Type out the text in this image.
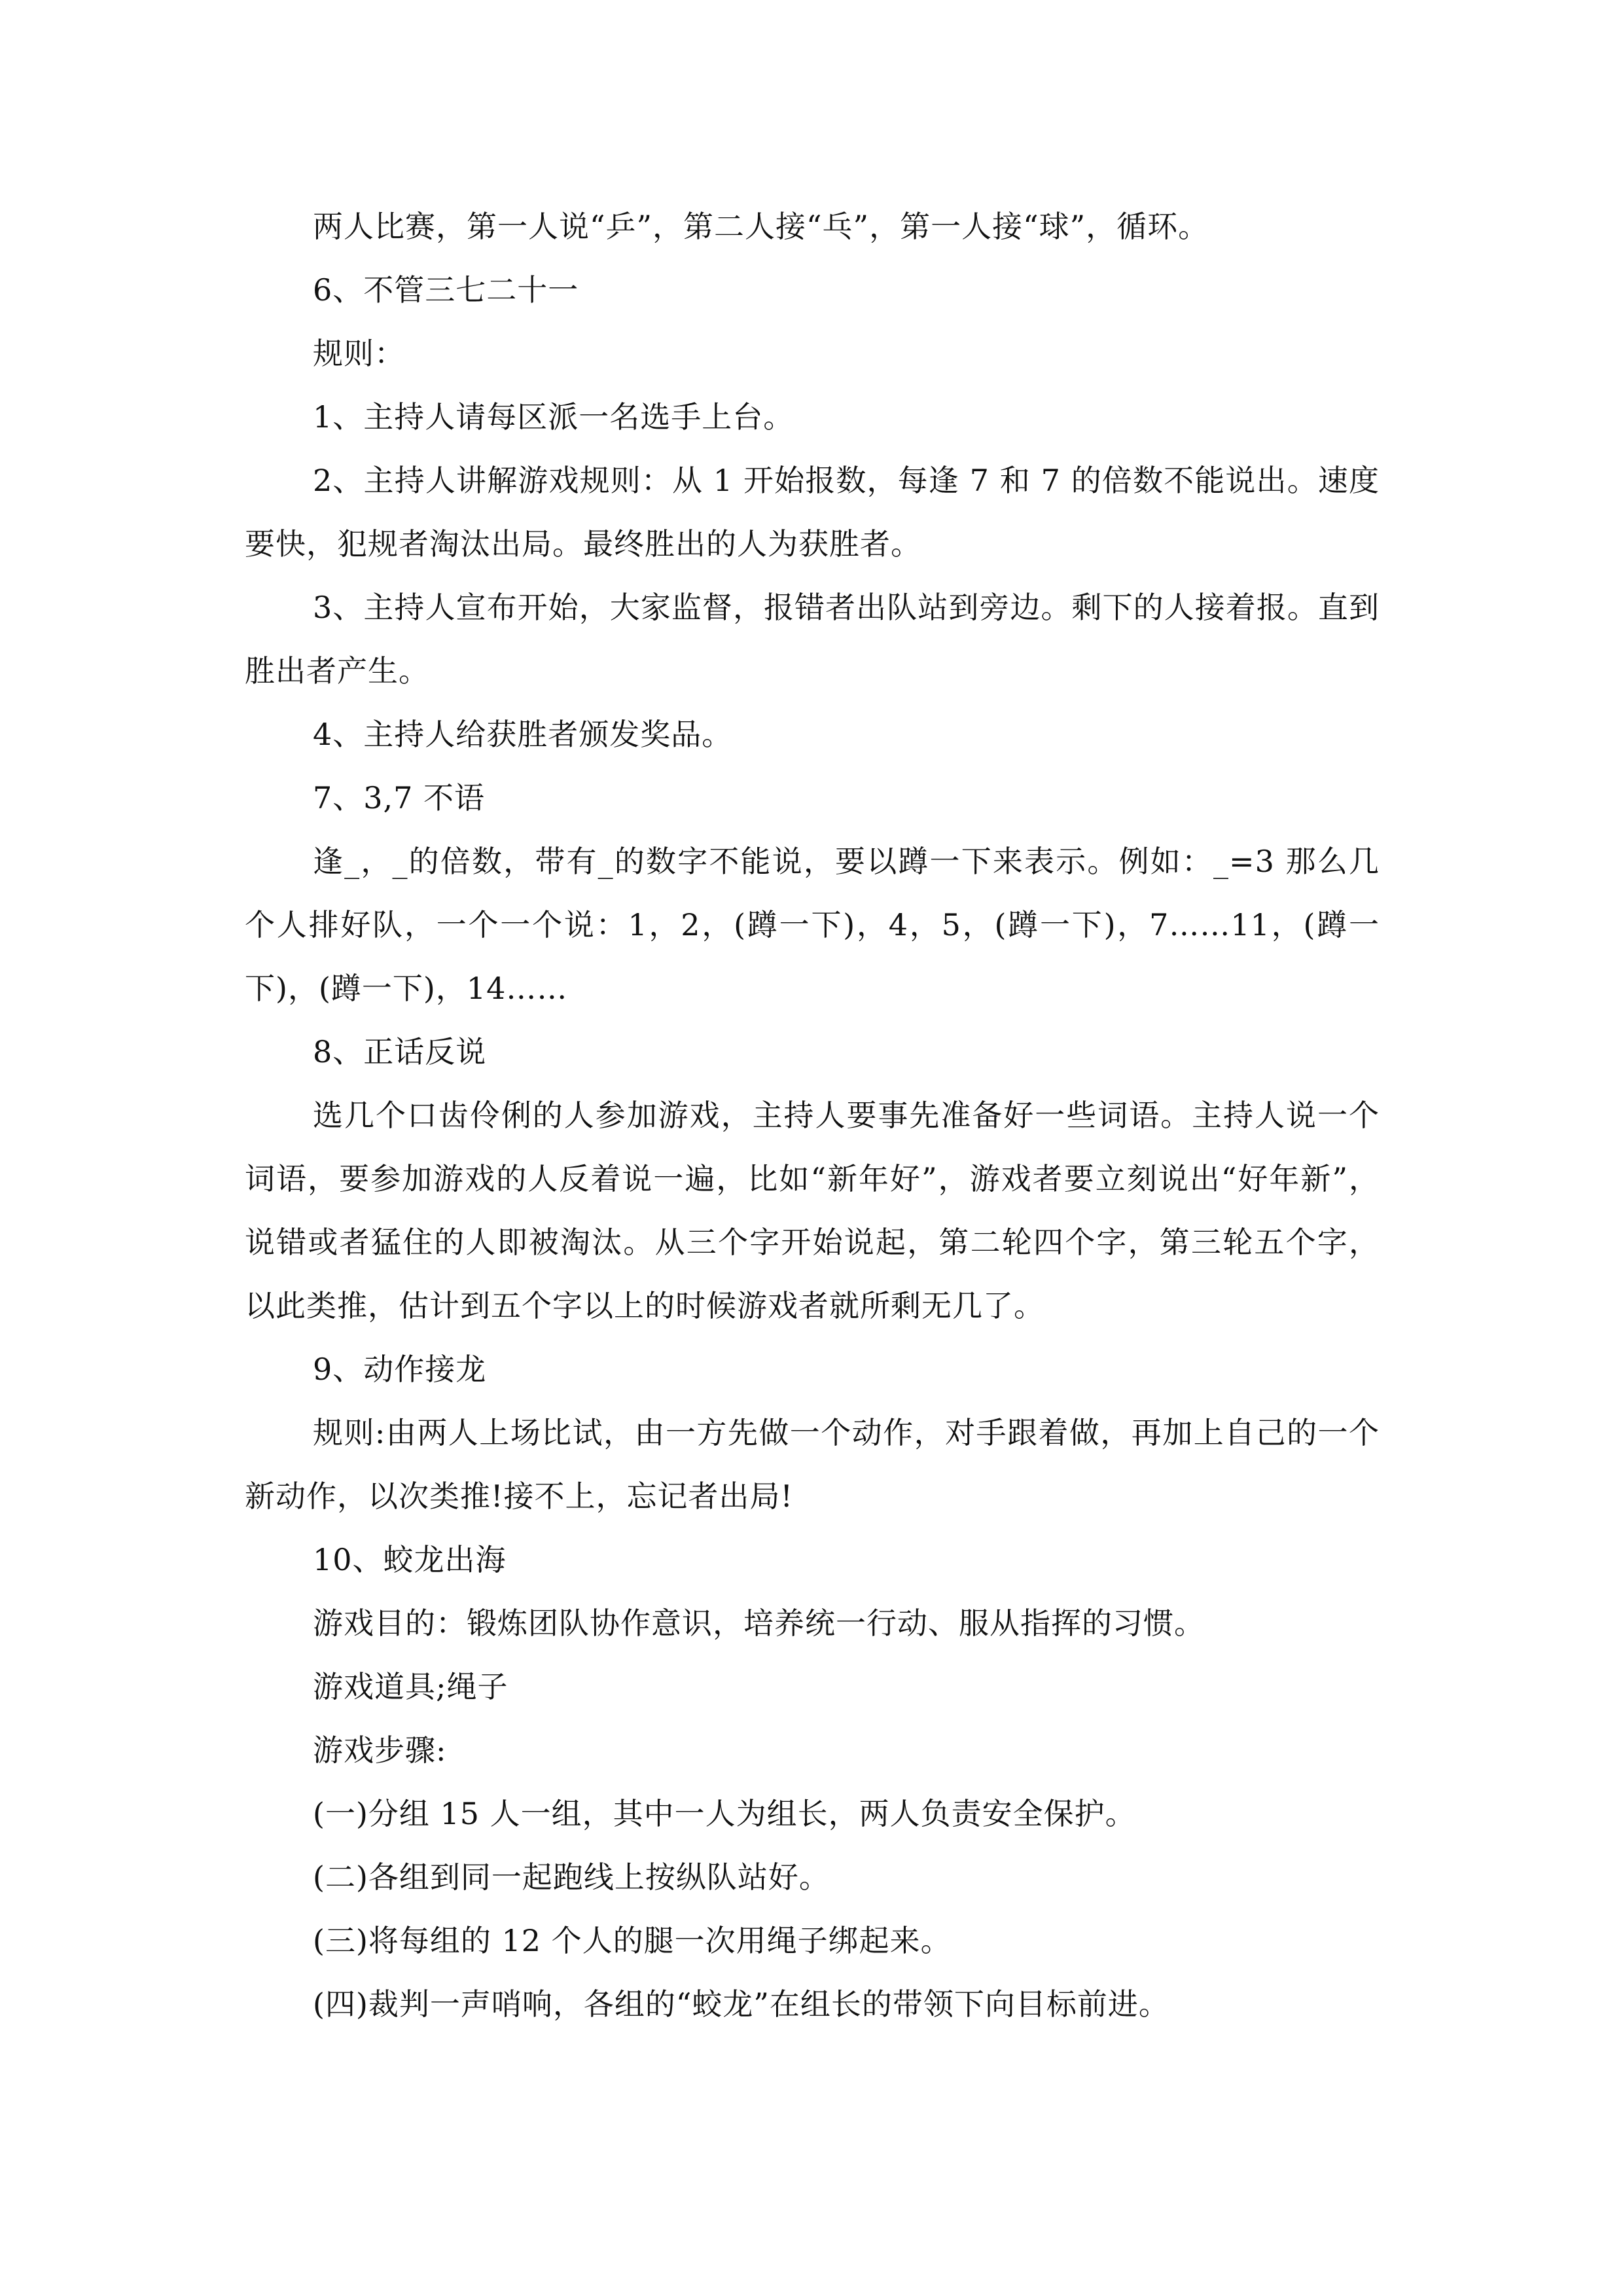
两人比赛，第一人说“乒”，第二人接“乓”，第一人接“球”，循环。

6、不管三七二十一

规则：

1、主持人请每区派一名选手上台。

2、主持人讲解游戏规则：从 1 开始报数，每逢 7 和 7 的倍数不能说出。速度要快，犯规者淘汰出局。最终胜出的人为获胜者。

3、主持人宣布开始，大家监督，报错者出队站到旁边。剩下的人接着报。直到胜出者产生。

4、主持人给获胜者颁发奖品。

7、3,7 不语

逢_，_的倍数，带有_的数字不能说，要以蹲一下来表示。例如：_=3 那么几个人排好队，一个一个说：1，2，(蹲一下)，4，5，(蹲一下)，7……11，(蹲一下)，(蹲一下)，14……

8、正话反说

选几个口齿伶俐的人参加游戏，主持人要事先准备好一些词语。主持人说一个词语，要参加游戏的人反着说一遍，比如“新年好”，游戏者要立刻说出“好年新”，说错或者猛住的人即被淘汰。从三个字开始说起，第二轮四个字，第三轮五个字，以此类推，估计到五个字以上的时候游戏者就所剩无几了。

9、动作接龙

规则:由两人上场比试，由一方先做一个动作，对手跟着做，再加上自己的一个新动作，以次类推!接不上，忘记者出局!

10、蛟龙出海

游戏目的：锻炼团队协作意识，培养统一行动、服从指挥的习惯。

游戏道具;绳子

游戏步骤:

(一)分组 15 人一组，其中一人为组长，两人负责安全保护。

(二)各组到同一起跑线上按纵队站好。

(三)将每组的 12 个人的腿一次用绳子绑起来。

(四)裁判一声哨响，各组的“蛟龙”在组长的带领下向目标前进。
